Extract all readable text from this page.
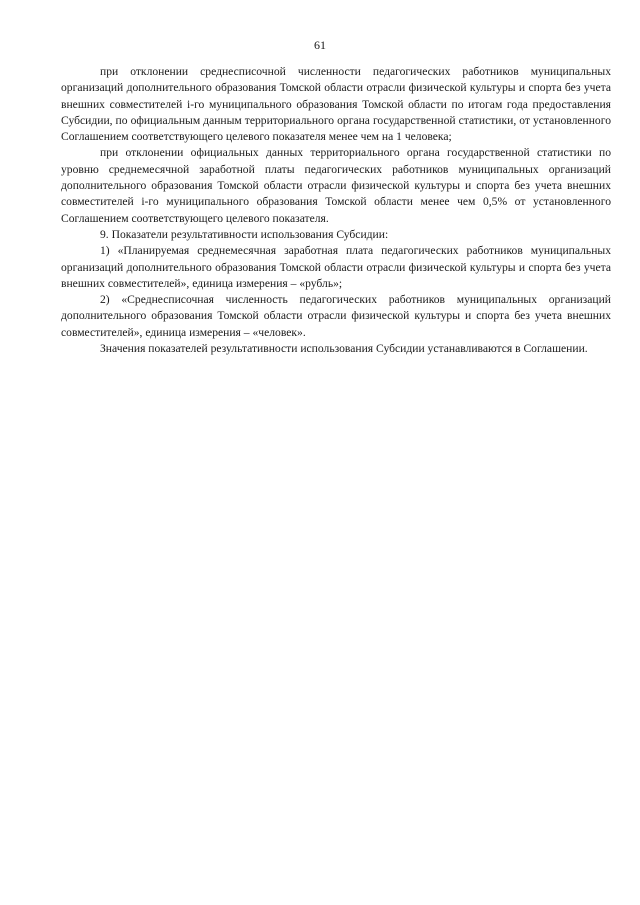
61

при отклонении среднесписочной численности педагогических работников муниципальных организаций дополнительного образования Томской области отрасли физической культуры и спорта без учета внешних совместителей i-го муниципального образования Томской области по итогам года предоставления Субсидии, по официальным данным территориального органа государственной статистики, от установленного Соглашением соответствующего целевого показателя менее чем на 1 человека;

при отклонении официальных данных территориального органа государственной статистики по уровню среднемесячной заработной платы педагогических работников муниципальных организаций дополнительного образования Томской области отрасли физической культуры и спорта без учета внешних совместителей i-го муниципального образования Томской области менее чем 0,5% от установленного Соглашением соответствующего целевого показателя.

9. Показатели результативности использования Субсидии:

1) «Планируемая среднемесячная заработная плата педагогических работников муниципальных организаций дополнительного образования Томской области отрасли физической культуры и спорта без учета внешних совместителей», единица измерения – «рубль»;

2) «Среднесписочная численность педагогических работников муниципальных организаций дополнительного образования Томской области отрасли физической культуры и спорта без учета внешних совместителей», единица измерения – «человек».

Значения показателей результативности использования Субсидии устанавливаются в Соглашении.
